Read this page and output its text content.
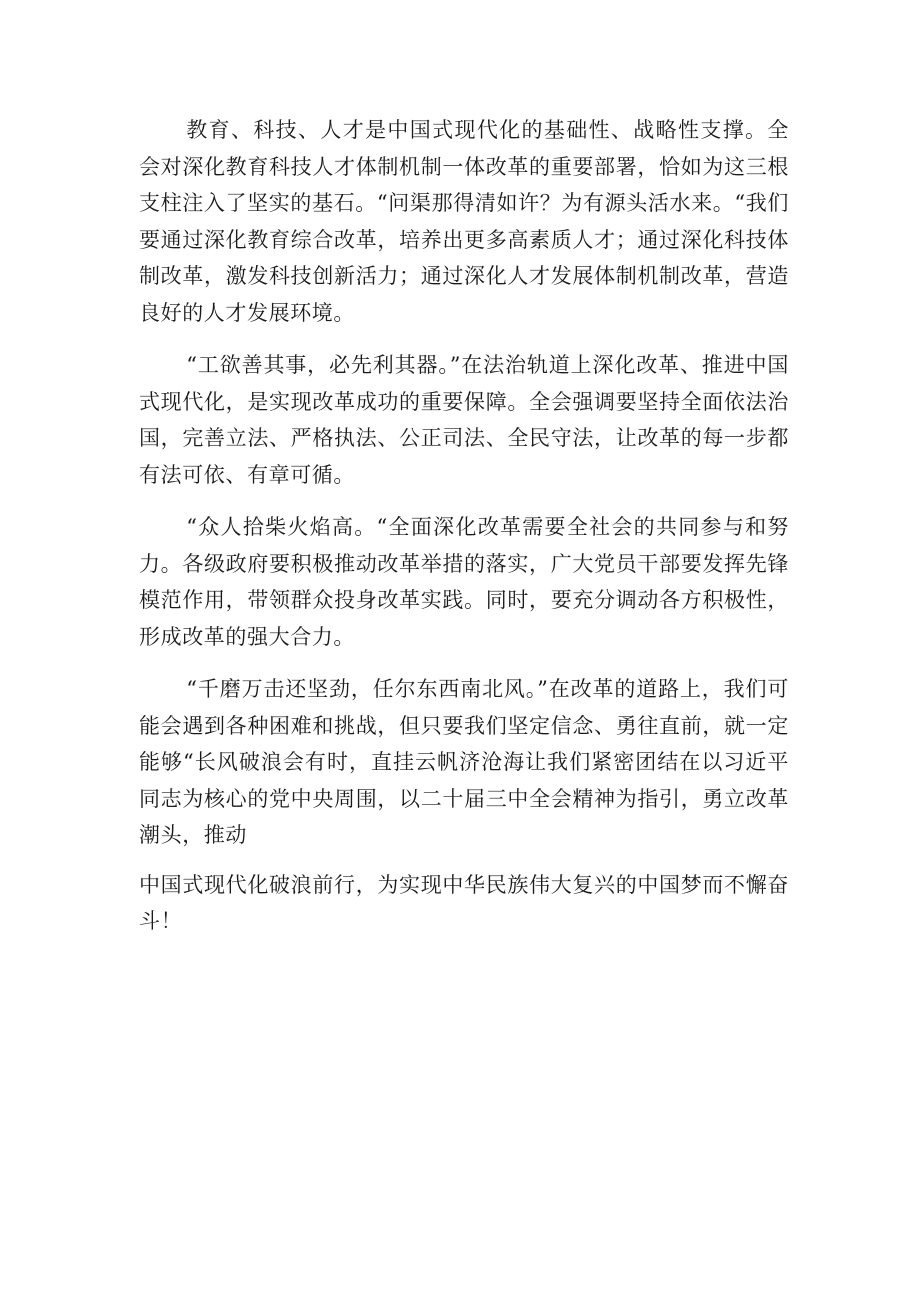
教育、科技、人才是中国式现代化的基础性、战略性支撑。全会对深化教育科技人才体制机制一体改革的重要部署，恰如为这三根支柱注入了坚实的基石。“问渠那得清如许？为有源头活水来。“我们要通过深化教育综合改革，培养出更多高素质人才；通过深化科技体制改革，激发科技创新活力；通过深化人才发展体制机制改革，营造良好的人才发展环境。

“工欲善其事，必先利其器。”在法治轨道上深化改革、推进中国式现代化，是实现改革成功的重要保障。全会强调要坚持全面依法治国，完善立法、严格执法、公正司法、全民守法，让改革的每一步都有法可依、有章可循。

“众人拾柴火焰高。“全面深化改革需要全社会的共同参与和努力。各级政府要积极推动改革举措的落实，广大党员干部要发挥先锋模范作用，带领群众投身改革实践。同时，要充分调动各方积极性，形成改革的强大合力。

“千磨万击还坚劲，任尔东西南北风。”在改革的道路上，我们可能会遇到各种困难和挑战，但只要我们坚定信念、勇往直前，就一定能够“长风破浪会有时，直挂云帆济沧海让我们紧密团结在以习近平同志为核心的党中央周围，以二十届三中全会精神为指引，勇立改革潮头，推动

中国式现代化破浪前行，为实现中华民族伟大复兴的中国梦而不懈奋斗！
